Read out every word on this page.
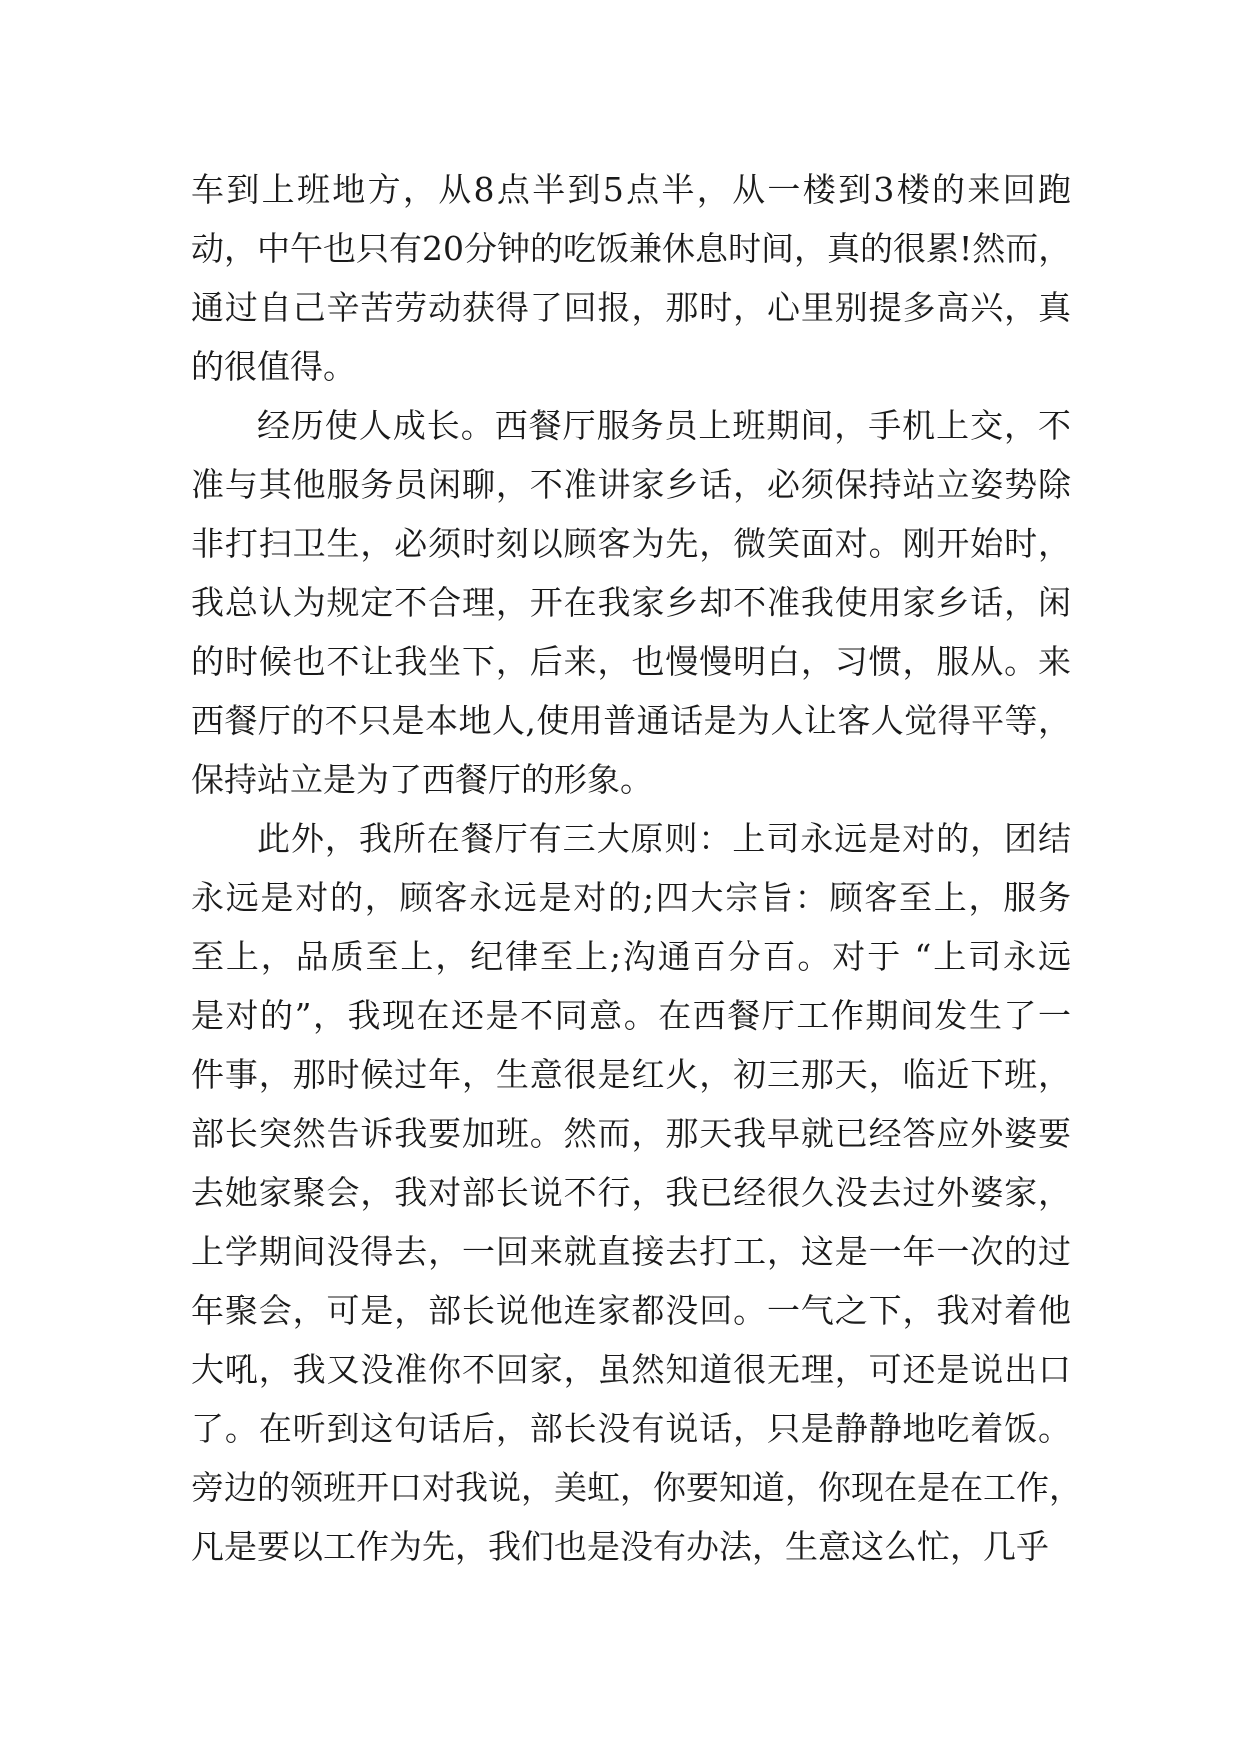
车到上班地方，从8点半到5点半，从一楼到3楼的来回跑
动，中午也只有20分钟的吃饭兼休息时间，真的很累!然而，
通过自己辛苦劳动获得了回报，那时，心里别提多高兴，真
的很值得。
经历使人成长。西餐厅服务员上班期间，手机上交，不
准与其他服务员闲聊，不准讲家乡话，必须保持站立姿势除
非打扫卫生，必须时刻以顾客为先，微笑面对。刚开始时，
我总认为规定不合理，开在我家乡却不准我使用家乡话，闲
的时候也不让我坐下，后来，也慢慢明白，习惯，服从。来
西餐厅的不只是本地人,使用普通话是为人让客人觉得平等，
保持站立是为了西餐厅的形象。
此外，我所在餐厅有三大原则：上司永远是对的，团结
永远是对的，顾客永远是对的;四大宗旨：顾客至上，服务
至上，品质至上，纪律至上;沟通百分百。对于 “上司永远
是对的”，我现在还是不同意。在西餐厅工作期间发生了一
件事，那时候过年，生意很是红火，初三那天，临近下班，
部长突然告诉我要加班。然而，那天我早就已经答应外婆要
去她家聚会，我对部长说不行，我已经很久没去过外婆家，
上学期间没得去，一回来就直接去打工，这是一年一次的过
年聚会，可是，部长说他连家都没回。一气之下，我对着他
大吼，我又没准你不回家，虽然知道很无理，可还是说出口
了。在听到这句话后，部长没有说话，只是静静地吃着饭。
旁边的领班开口对我说，美虹，你要知道，你现在是在工作，
凡是要以工作为先，我们也是没有办法，生意这么忙，几乎
